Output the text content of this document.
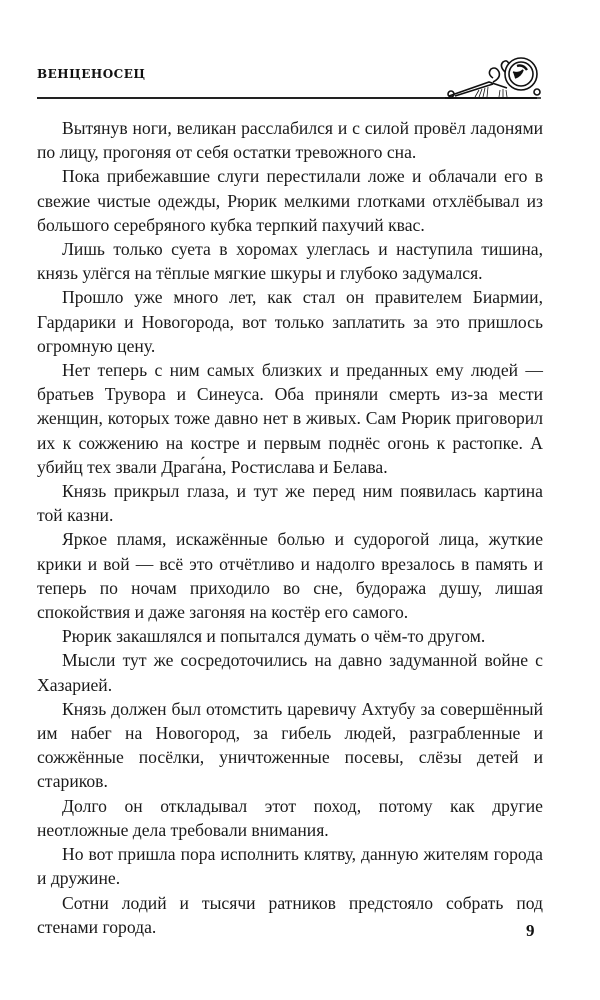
венценосец

Вытянув ноги, великан расслабился и с силой провёл ладонями по лицу, прогоняя от себя остатки тревожного сна.

Пока прибежавшие слуги перестилали ложе и облачали его в свежие чистые одежды, Рюрик мелкими глотками отхлёбывал из большого серебряного кубка терпкий пахучий квас.

Лишь только суета в хоромах улеглась и наступила тишина, князь улёгся на тёплые мягкие шкуры и глубоко задумался.

Прошло уже много лет, как стал он правителем Биармии, Гардарики и Новогорода, вот только заплатить за это пришлось огромную цену.

Нет теперь с ним самых близких и преданных ему людей — братьев Трувора и Синеуса. Оба приняли смерть из-за мести женщин, которых тоже давно нет в живых. Сам Рюрик приговорил их к сожжению на костре и первым поднёс огонь к растопке. А убийц тех звали Драга́на, Ростислава и Белава.

Князь прикрыл глаза, и тут же перед ним появилась картина той казни.

Яркое пламя, искажённые болью и судорогой лица, жуткие крики и вой — всё это отчётливо и надолго врезалось в память и теперь по ночам приходило во сне, будоража душу, лишая спокойствия и даже загоняя на костёр его самого.

Рюрик закашлялся и попытался думать о чём-то другом.

Мысли тут же сосредоточились на давно задуманной войне с Хазарией.

Князь должен был отомстить царевичу Ахтубу за совершённый им набег на Новогород, за гибель людей, разграбленные и сожжённые посёлки, уничтоженные посевы, слёзы детей и стариков.

Долго он откладывал этот поход, потому как другие неотложные дела требовали внимания.

Но вот пришла пора исполнить клятву, данную жителям города и дружине.

Сотни лодий и тысячи ратников предстояло собрать под стенами города.	9
